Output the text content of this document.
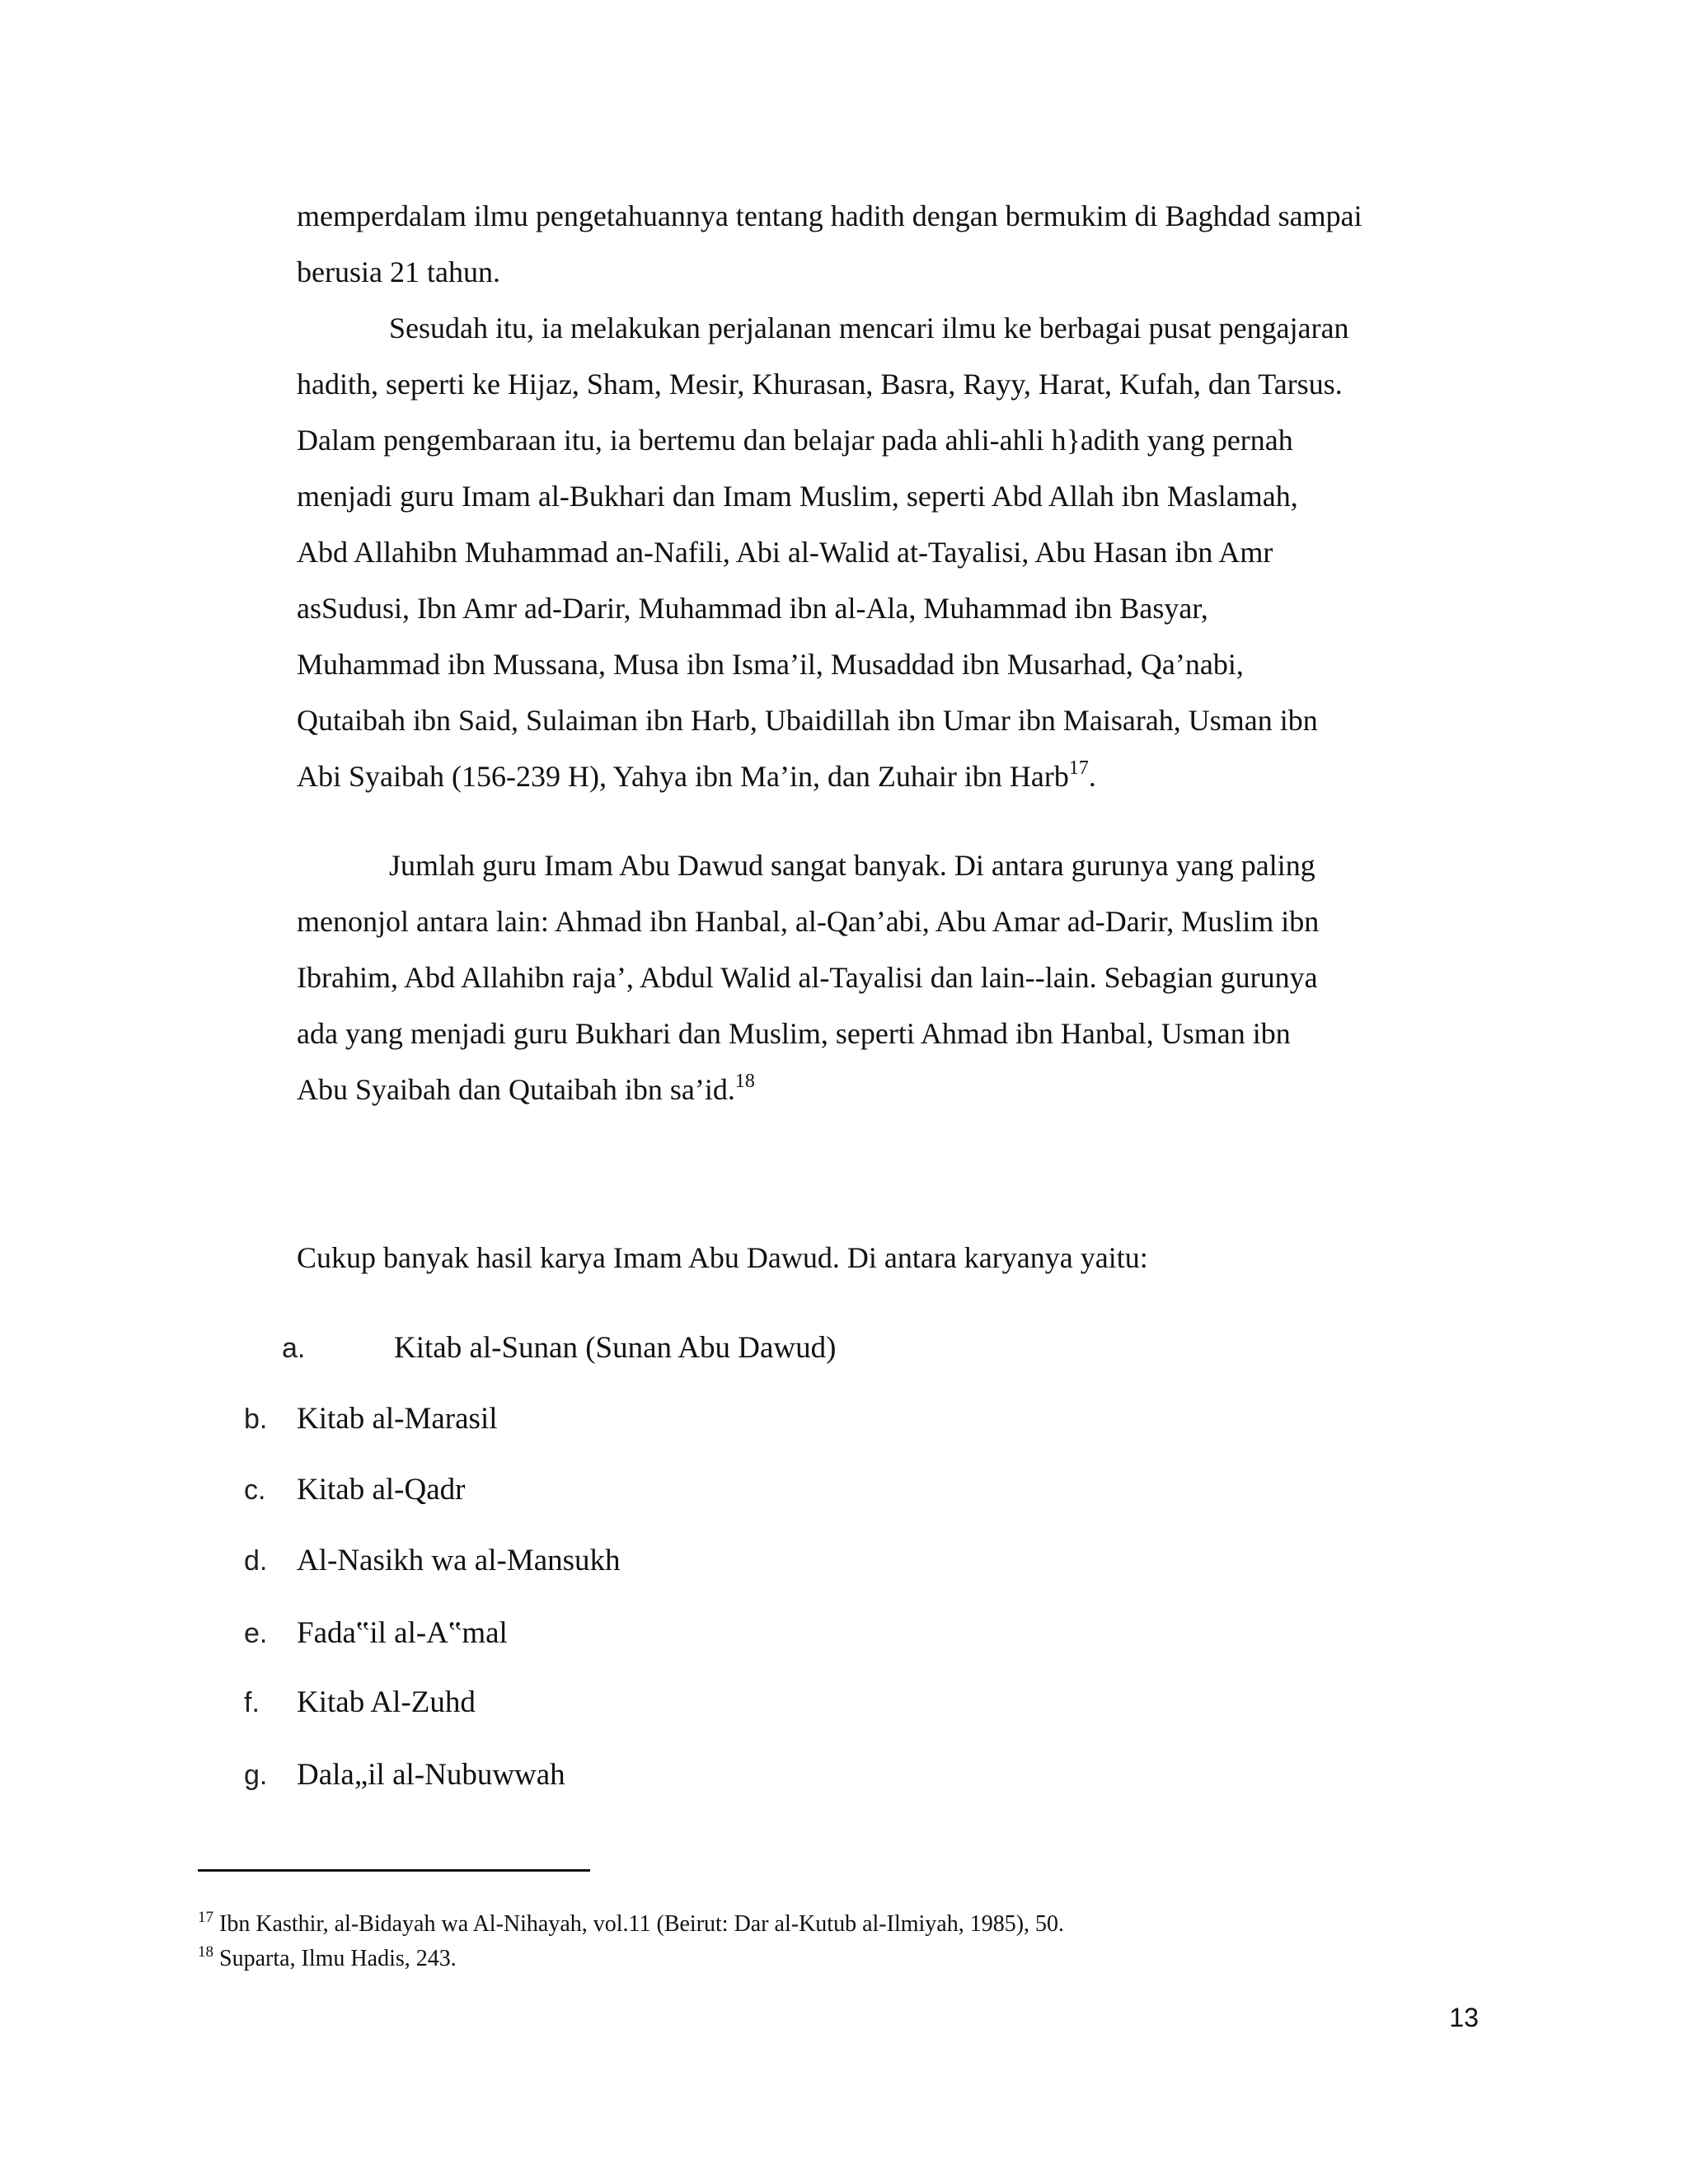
memperdalam ilmu pengetahuannya tentang hadith dengan bermukim di Baghdad sampai
berusia 21 tahun.
Sesudah itu, ia melakukan perjalanan mencari ilmu ke berbagai pusat pengajaran
hadith, seperti ke Hijaz, Sham, Mesir, Khurasan, Basra, Rayy, Harat, Kufah, dan Tarsus.
Dalam pengembaraan itu, ia bertemu dan belajar pada ahli-ahli h}adith yang pernah
menjadi guru Imam al-Bukhari dan Imam Muslim, seperti Abd Allah ibn Maslamah,
Abd Allahibn Muhammad an-Nafili, Abi al-Walid at-Tayalisi, Abu Hasan ibn Amr
asSudusi, Ibn Amr ad-Darir, Muhammad ibn al-Ala, Muhammad ibn Basyar,
Muhammad ibn Mussana, Musa ibn Isma’il, Musaddad ibn Musarhad, Qa’nabi,
Qutaibah ibn Said, Sulaiman ibn Harb, Ubaidillah ibn Umar ibn Maisarah, Usman ibn
Abi Syaibah (156-239 H), Yahya ibn Ma’in, dan Zuhair ibn Harb$^{17}$.
Jumlah guru Imam Abu Dawud sangat banyak. Di antara gurunya yang paling
menonjol antara lain: Ahmad ibn Hanbal, al-Qan’abi, Abu Amar ad-Darir, Muslim ibn
Ibrahim, Abd Allahibn raja’, Abdul Walid al-Tayalisi dan lain--lain. Sebagian gurunya
ada yang menjadi guru Bukhari dan Muslim, seperti Ahmad ibn Hanbal, Usman ibn
Abu Syaibah dan Qutaibah ibn sa’id.$^{18}$
Cukup banyak hasil karya Imam Abu Dawud. Di antara karyanya yaitu:
a.	Kitab al-Sunan (Sunan Abu Dawud)
b. Kitab al-Marasil
c. Kitab al-Qadr
d. Al-Nasikh wa al-Mansukh
e. Fada‟il al-A‟mal
f. Kitab Al-Zuhd
g. Dala„il al-Nubuwwah
$^{17}$ Ibn Kasthir, al-Bidayah wa Al-Nihayah, vol.11 (Beirut: Dar al-Kutub al-Ilmiyah, 1985), 50.
$^{18}$ Suparta, Ilmu Hadis, 243.
13
